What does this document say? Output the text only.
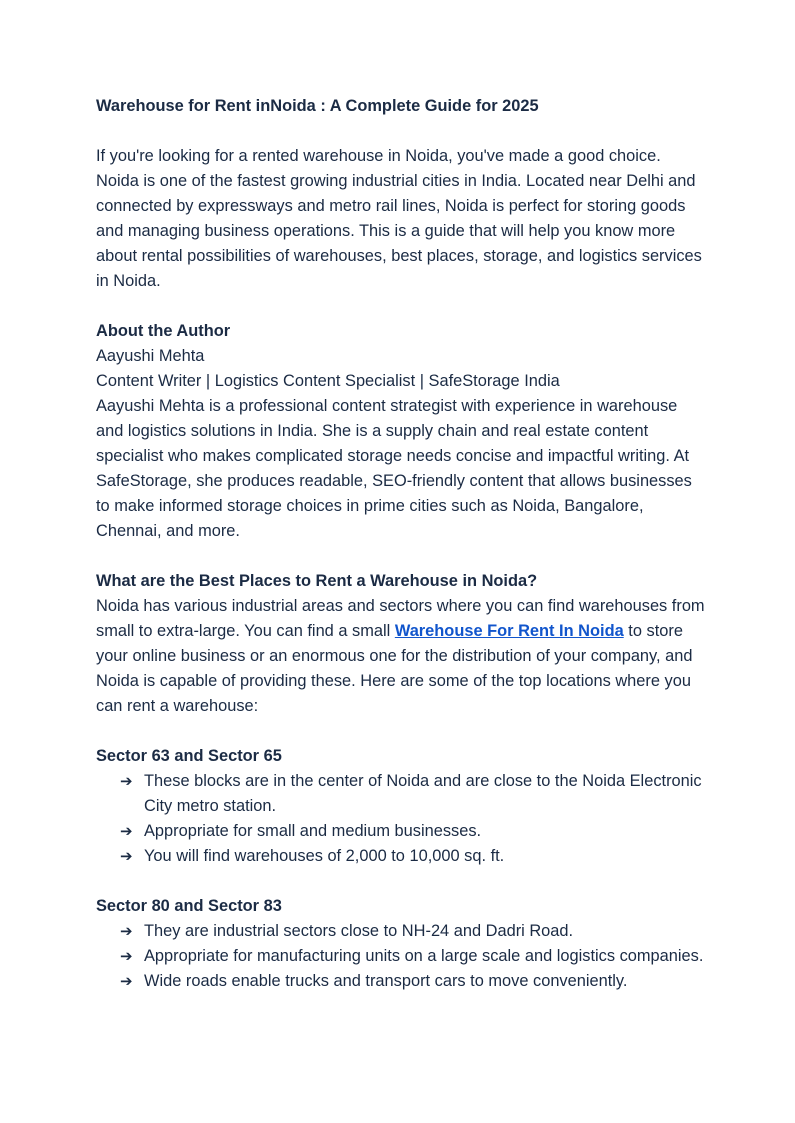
Warehouse for Rent inNoida : A Complete Guide for 2025

If you're looking for a rented warehouse in Noida, you've made a good choice. Noida is one of the fastest growing industrial cities in India. Located near Delhi and connected by expressways and metro rail lines, Noida is perfect for storing goods and managing business operations. This is a guide that will help you know more about rental possibilities of warehouses, best places, storage, and logistics services in Noida.

About the Author

Aayushi Mehta

Content Writer | Logistics Content Specialist | SafeStorage India

Aayushi Mehta is a professional content strategist with experience in warehouse and logistics solutions in India. She is a supply chain and real estate content specialist who makes complicated storage needs concise and impactful writing. At SafeStorage, she produces readable, SEO-friendly content that allows businesses to make informed storage choices in prime cities such as Noida, Bangalore, Chennai, and more.

What are the Best Places to Rent a Warehouse in Noida?

Noida has various industrial areas and sectors where you can find warehouses from small to extra-large. You can find a small Warehouse For Rent In Noida to store your online business or an enormous one for the distribution of your company, and Noida is capable of providing these. Here are some of the top locations where you can rent a warehouse:

Sector 63 and Sector 65

➔ These blocks are in the center of Noida and are close to the Noida Electronic City metro station.
➔ Appropriate for small and medium businesses.
➔ You will find warehouses of 2,000 to 10,000 sq. ft.

Sector 80 and Sector 83

➔ They are industrial sectors close to NH-24 and Dadri Road.
➔ Appropriate for manufacturing units on a large scale and logistics companies.
➔ Wide roads enable trucks and transport cars to move conveniently.
